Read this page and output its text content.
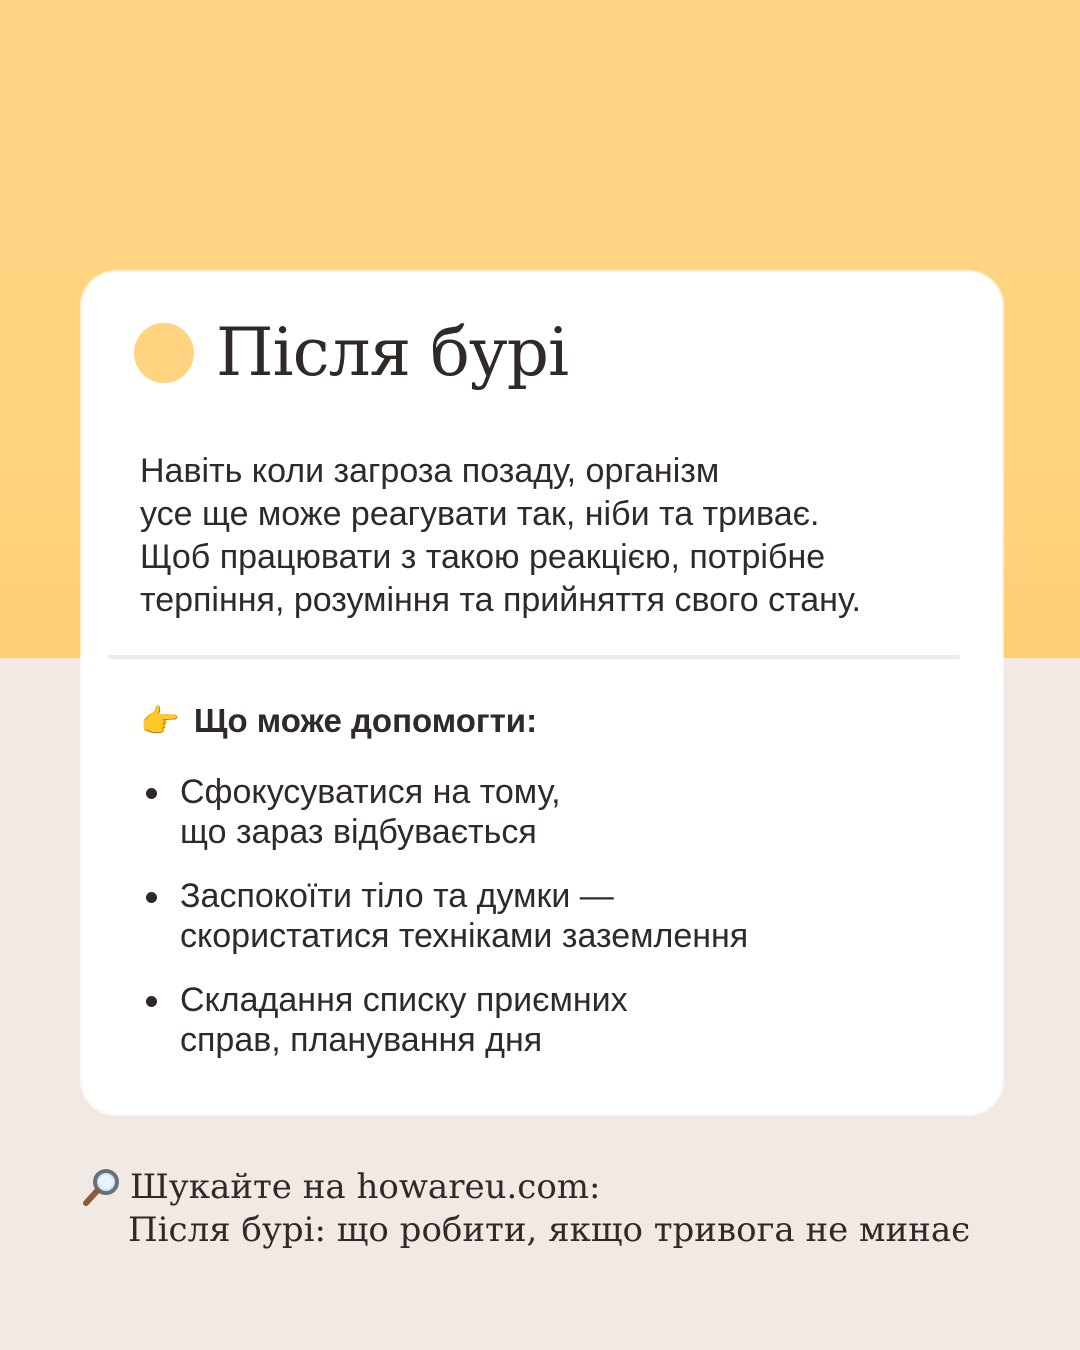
Після бурі
Навіть коли загроза позаду, організм
усе ще може реагувати так, ніби та триває.
Щоб працювати з такою реакцією, потрібне
терпіння, розуміння та прийняття свого стану.
👉 Що може допомогти:
Сфокусуватися на тому,
що зараз відбувається
Заспокоїти тіло та думки —
скористатися техніками заземлення
Складання списку приємних
справ, планування дня
Шукайте на howareu.com:
Після бурі: що робити, якщо тривога не минає
